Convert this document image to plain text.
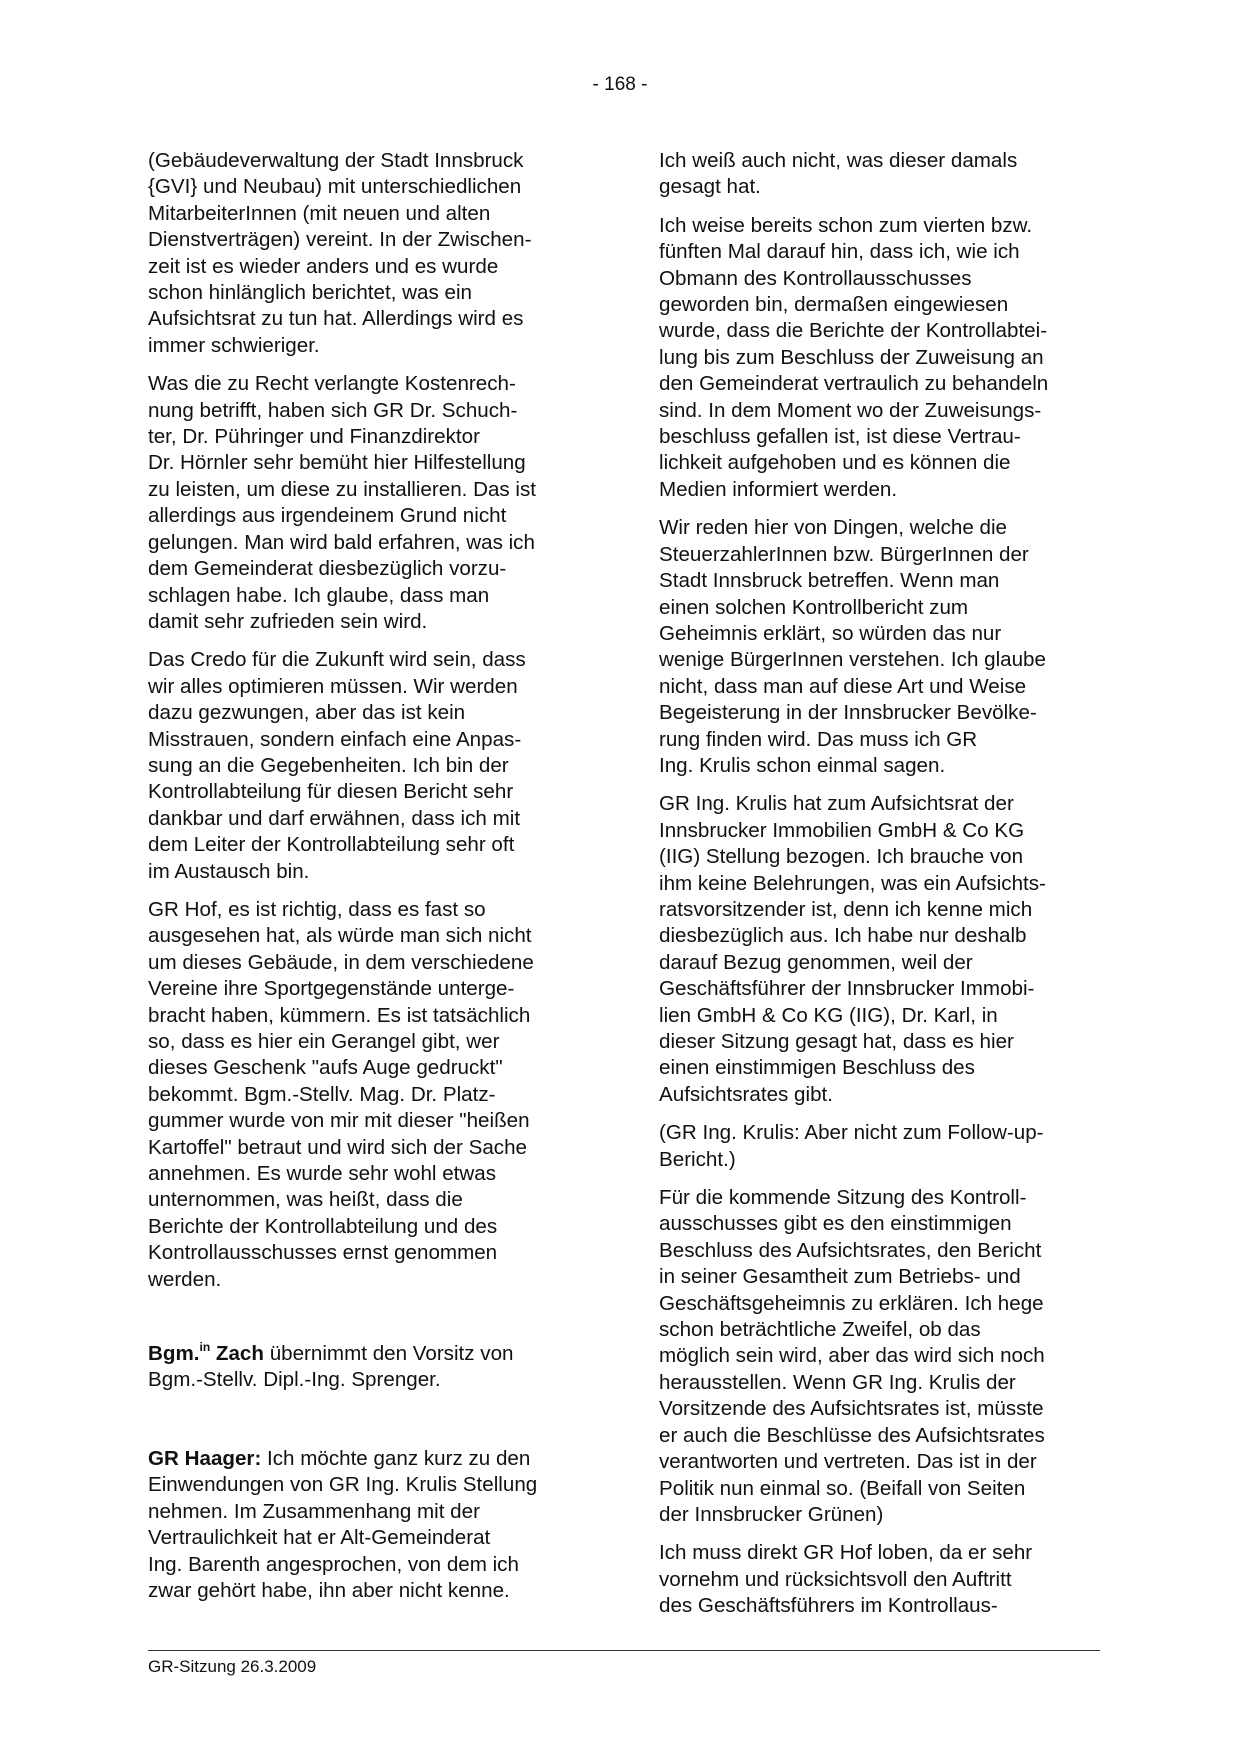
- 168 -

(Gebäudeverwaltung der Stadt Innsbruck
{GVI} und Neubau) mit unterschiedlichen
MitarbeiterInnen (mit neuen und alten
Dienstverträgen) vereint. In der Zwischen-
zeit ist es wieder anders und es wurde
schon hinlänglich berichtet, was ein
Aufsichtsrat zu tun hat. Allerdings wird es
immer schwieriger.

Was die zu Recht verlangte Kostenrech-
nung betrifft, haben sich GR Dr. Schuch-
ter, Dr. Pühringer und Finanzdirektor
Dr. Hörnler sehr bemüht hier Hilfestellung
zu leisten, um diese zu installieren. Das ist
allerdings aus irgendeinem Grund nicht
gelungen. Man wird bald erfahren, was ich
dem Gemeinderat diesbezüglich vorzu-
schlagen habe. Ich glaube, dass man
damit sehr zufrieden sein wird.

Das Credo für die Zukunft wird sein, dass
wir alles optimieren müssen. Wir werden
dazu gezwungen, aber das ist kein
Misstrauen, sondern einfach eine Anpas-
sung an die Gegebenheiten. Ich bin der
Kontrollabteilung für diesen Bericht sehr
dankbar und darf erwähnen, dass ich mit
dem Leiter der Kontrollabteilung sehr oft
im Austausch bin.

GR Hof, es ist richtig, dass es fast so
ausgesehen hat, als würde man sich nicht
um dieses Gebäude, in dem verschiedene
Vereine ihre Sportgegenstände unterge-
bracht haben, kümmern. Es ist tatsächlich
so, dass es hier ein Gerangel gibt, wer
dieses Geschenk "aufs Auge gedruckt"
bekommt. Bgm.-Stellv. Mag. Dr. Platz-
gummer wurde von mir mit dieser "heißen
Kartoffel" betraut und wird sich der Sache
annehmen. Es wurde sehr wohl etwas
unternommen, was heißt, dass die
Berichte der Kontrollabteilung und des
Kontrollausschusses ernst genommen
werden.

Bgm.$^{in}$ Zach übernimmt den Vorsitz von
Bgm.-Stellv. Dipl.-Ing. Sprenger.

GR Haager: Ich möchte ganz kurz zu den
Einwendungen von GR Ing. Krulis Stellung
nehmen. Im Zusammenhang mit der
Vertraulichkeit hat er Alt-Gemeinderat
Ing. Barenth angesprochen, von dem ich
zwar gehört habe, ihn aber nicht kenne.

Ich weiß auch nicht, was dieser damals
gesagt hat.

Ich weise bereits schon zum vierten bzw.
fünften Mal darauf hin, dass ich, wie ich
Obmann des Kontrollausschusses
geworden bin, dermaßen eingewiesen
wurde, dass die Berichte der Kontrollabtei-
lung bis zum Beschluss der Zuweisung an
den Gemeinderat vertraulich zu behandeln
sind. In dem Moment wo der Zuweisungs-
beschluss gefallen ist, ist diese Vertrau-
lichkeit aufgehoben und es können die
Medien informiert werden.

Wir reden hier von Dingen, welche die
SteuerzahlerInnen bzw. BürgerInnen der
Stadt Innsbruck betreffen. Wenn man
einen solchen Kontrollbericht zum
Geheimnis erklärt, so würden das nur
wenige BürgerInnen verstehen. Ich glaube
nicht, dass man auf diese Art und Weise
Begeisterung in der Innsbrucker Bevölke-
rung finden wird. Das muss ich GR
Ing. Krulis schon einmal sagen.

GR Ing. Krulis hat zum Aufsichtsrat der
Innsbrucker Immobilien GmbH & Co KG
(IIG) Stellung bezogen. Ich brauche von
ihm keine Belehrungen, was ein Aufsichts-
ratsvorsitzender ist, denn ich kenne mich
diesbezüglich aus. Ich habe nur deshalb
darauf Bezug genommen, weil der
Geschäftsführer der Innsbrucker Immobi-
lien GmbH & Co KG (IIG), Dr. Karl, in
dieser Sitzung gesagt hat, dass es hier
einen einstimmigen Beschluss des
Aufsichtsrates gibt.

(GR Ing. Krulis: Aber nicht zum Follow-up-
Bericht.)

Für die kommende Sitzung des Kontroll-
ausschusses gibt es den einstimmigen
Beschluss des Aufsichtsrates, den Bericht
in seiner Gesamtheit zum Betriebs- und
Geschäftsgeheimnis zu erklären. Ich hege
schon beträchtliche Zweifel, ob das
möglich sein wird, aber das wird sich noch
herausstellen. Wenn GR Ing. Krulis der
Vorsitzende des Aufsichtsrates ist, müsste
er auch die Beschlüsse des Aufsichtsrates
verantworten und vertreten. Das ist in der
Politik nun einmal so. (Beifall von Seiten
der Innsbrucker Grünen)

Ich muss direkt GR Hof loben, da er sehr
vornehm und rücksichtsvoll den Auftritt
des Geschäftsführers im Kontrollaus-

GR-Sitzung 26.3.2009
